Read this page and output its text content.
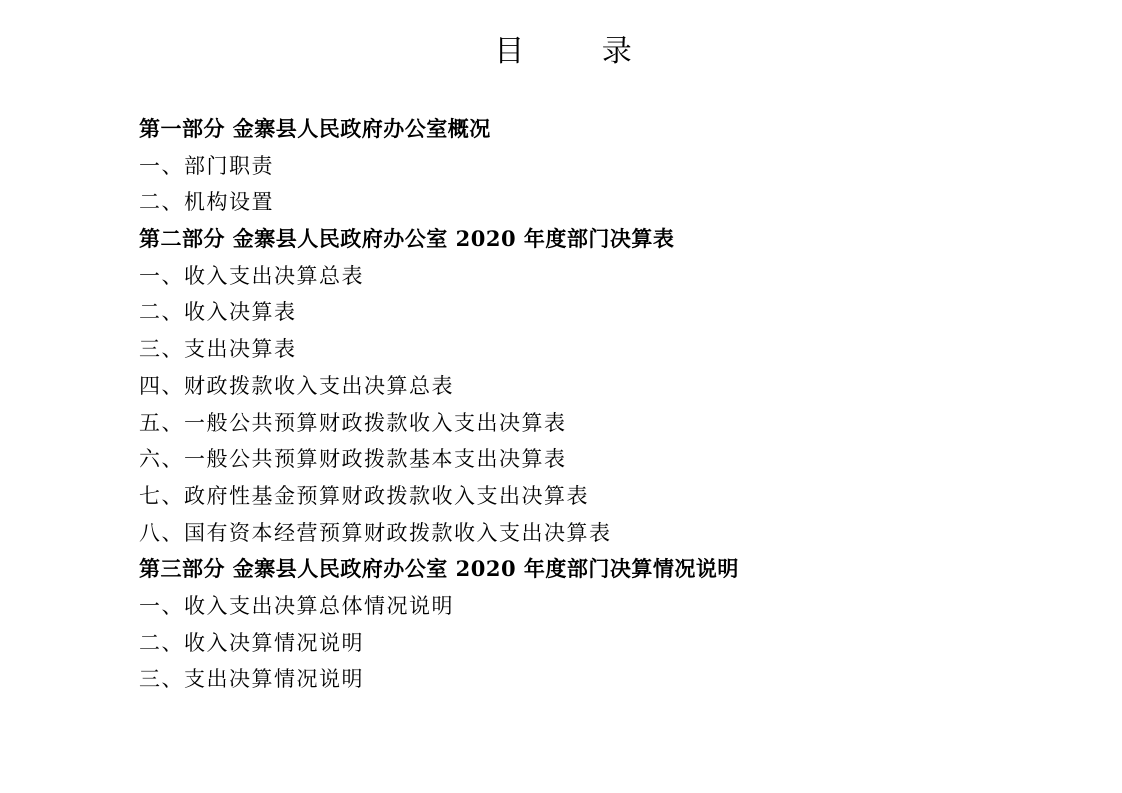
目 录
第一部分 金寨县人民政府办公室概况
一、部门职责
二、机构设置
第二部分 金寨县人民政府办公室 2020 年度部门决算表
一、收入支出决算总表
二、收入决算表
三、支出决算表
四、财政拨款收入支出决算总表
五、一般公共预算财政拨款收入支出决算表
六、一般公共预算财政拨款基本支出决算表
七、政府性基金预算财政拨款收入支出决算表
八、国有资本经营预算财政拨款收入支出决算表
第三部分 金寨县人民政府办公室 2020 年度部门决算情况说明
一、收入支出决算总体情况说明
二、收入决算情况说明
三、支出决算情况说明
